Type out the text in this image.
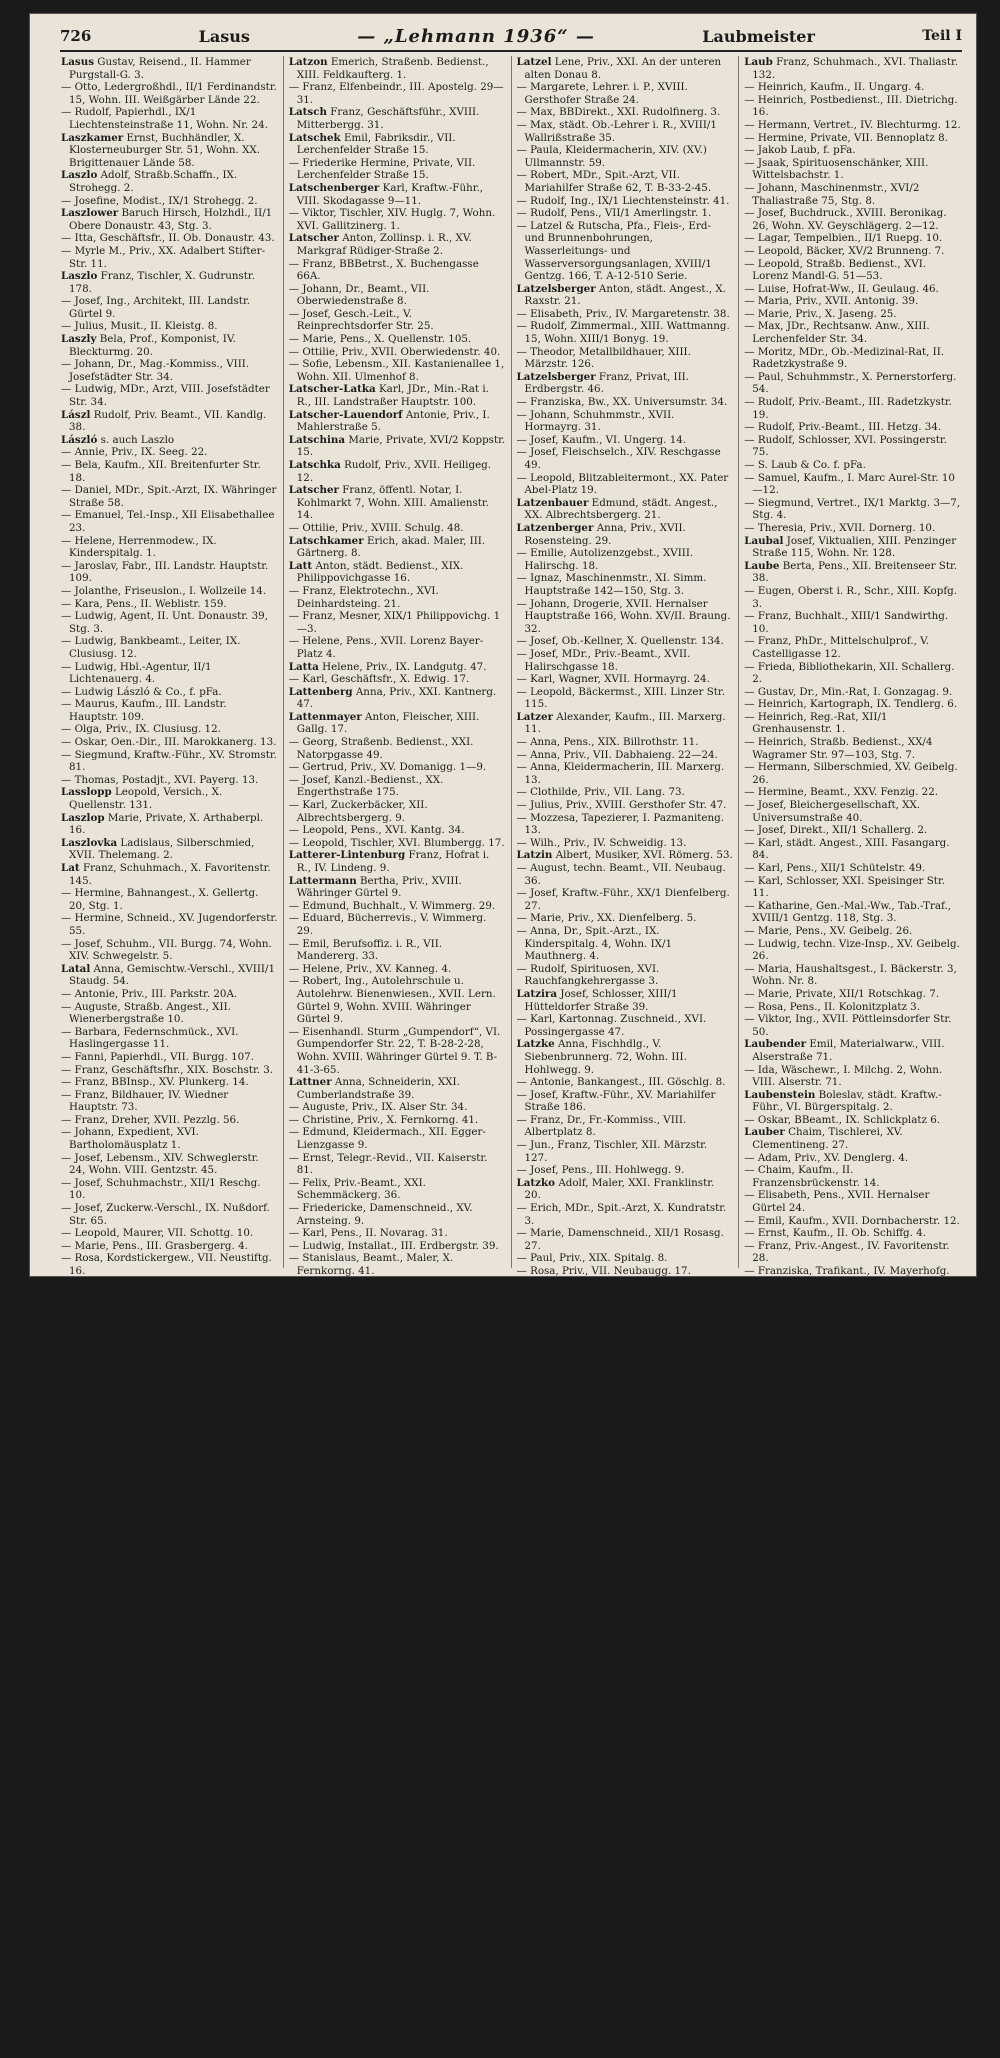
726	Lasus	— „Lehmann 1936“ —	Laubmeister	Teil I

Lasus Gustav, Reisend., II. Hammer Purgstall-G. 3.

— Otto, Ledergroßhdl., II/1 Ferdinandstr. 15, Wohn. III. Weißgärber Lände 22.

— Rudolf, Papierhdl., IX/1 Liechtensteinstraße 11, Wohn. Nr. 24.

Laszkamer Ernst, Buchhändler, X. Klosterneuburger Str. 51, Wohn. XX. Brigittenauer Lände 58.

Laszlo Adolf, Straßb.Schaffn., IX. Strohegg. 2.

— Josefine, Modist., IX/1 Strohegg. 2.

Laszlower Baruch Hirsch, Holzhdl., II/1 Obere Donaustr. 43, Stg. 3.

— Itta, Geschäftsfr., II. Ob. Donaustr. 43.

— Myrle M., Priv., XX. Adalbert Stifter-Str. 11.

Laszlo Franz, Tischler, X. Gudrunstr. 178.

— Josef, Ing., Architekt, III. Landstr. Gürtel 9.

— Julius, Musit., II. Kleistg. 8.

Laszly Bela, Prof., Komponist, IV. Bleckturmg. 20.

— Johann, Dr., Mag.-Kommiss., VIII. Josefstädter Str. 34.

— Ludwig, MDr., Arzt, VIII. Josefstädter Str. 34.

Lászl Rudolf, Priv. Beamt., VII. Kandlg. 38.

László s. auch Laszlo

— Annie, Priv., IX. Seeg. 22.

— Bela, Kaufm., XII. Breitenfurter Str. 18.

— Daniel, MDr., Spit.-Arzt, IX. Währinger Straße 58.

— Emanuel, Tel.-Insp., XII Elisabethallee 23.

— Helene, Herrenmodew., IX. Kinderspitalg. 1.

— Jaroslav, Fabr., III. Landstr. Hauptstr. 109.

— Jolanthe, Friseuslon., I. Wollzeile 14.

— Kara, Pens., II. Weblistr. 159.

— Ludwig, Agent, II. Unt. Donaustr. 39, Stg. 3.

— Ludwig, Bankbeamt., Leiter, IX. Clusiusg. 12.

— Ludwig, Hbl.-Agentur, II/1 Lichtenauerg. 4.

— Ludwig László & Co., f. pFa.

— Maurus, Kaufm., III. Landstr. Hauptstr. 109.

— Olga, Priv., IX. Clusiusg. 12.

— Oskar, Oen.-Dir., III. Marokkanerg. 13.

— Siegmund, Kraftw.-Führ., XV. Stromstr. 81.

— Thomas, Postadjt., XVI. Payerg. 13.

Lasslopp Leopold, Versich., X. Quellenstr. 131.

Laszlop Marie, Private, X. Arthaberpl. 16.

Laszlovka Ladislaus, Silberschmied, XVII. Thelemang. 2.

Lat Franz, Schuhmach., X. Favoritenstr. 145.

— Hermine, Bahnangest., X. Gellertg. 20, Stg. 1.

— Hermine, Schneid., XV. Jugendorferstr. 55.

— Josef, Schuhm., VII. Burgg. 74, Wohn. XIV. Schwegelstr. 5.

Latal Anna, Gemischtw.-Verschl., XVIII/1 Staudg. 54.

— Antonie, Priv., III. Parkstr. 20A.

— Auguste, Straßb. Angest., XII. Wienerbergstraße 10.

— Barbara, Federnschmück., XVI. Haslingergasse 11.

— Fanni, Papierhdl., VII. Burgg. 107.

— Franz, Geschäftsfhr., XIX. Boschstr. 3.

— Franz, BBInsp., XV. Plunkerg. 14.

— Franz, Bildhauer, IV. Wiedner Hauptstr. 73.

— Franz, Dreher, XVII. Pezzlg. 56.

— Johann, Expedient, XVI. Bartholomäusplatz 1.

— Josef, Lebensm., XIV. Schweglerstr. 24, Wohn. VIII. Gentzstr. 45.

— Josef, Schuhmachstr., XII/1 Reschg. 10.

— Josef, Zuckerw.-Verschl., IX. Nußdorf. Str. 65.

— Leopold, Maurer, VII. Schottg. 10.

— Marie, Pens., III. Grasbergerg. 4.

— Rosa, Kordstickergew., VII. Neustiftg. 16.

— Rudolf, Sänger, XXI/1 Hettenkoferg. 21.

— Stefanie, Schneid., XVII. Kotschg. 30.

Latamer Efe, Schneiderin, II/1 Ob. Donaustraße 85, Wohn. II. Hollandstr. 11.

— Franz, Uhrm., IX/1 Porzellang. 11.

— Josef, Anstr., II. Vereinsg. 13.

Later Amalia, Oshdl., XVI. Pfenninggeldg. 2.

— Johann, Asphalt., XVI. Thaliastraße 1—7, Stiege 3.

— Nikolaus, Automechanik., XVI. Odoakerg. 21.

Latera Anton, Magaz., XVII. Ratterg. 18.

— Bernhard, Priv., XVII. Kaing. 17.

— Christine, Spitalsbedienst., XIV. Arnsteingasse 16B.

— Franz, Straßb. Bedienst., XVI. Odoakerg. 9.

— Vinzenzia, Private, XVI/1 Rauteng. 28.

Latka Alois, Bäck., XIV. Gelerg. 10.

— Eduard, BBeamt., I. X. Margaretengürtel 120.

— Emil, Pens., XXI. Rautenkranzg. 33.

— Karl, Schuhm., XVI. Thaliastr. 58.

— Leo, Mil.-Ob.-Verpflegsoberw. a. D., IX. Schlickplatz 6.

Latinovics Laurenz, Heizer, III. Erdbergstr. 48.

Latinovics von Borsod Olga, Priv., III. Hintzerstr. 1.

Latka Anna, Private, VII. Neustiftg. 108.

— Karl, Dr., Min.-Rat i. R., XVIII/1 Gentzgasse 40—42.

— Richard, Kellner, II. Ob. Augartenstr. 6.

Latkoczy Bela, BBeamt., II. Bellegardeg. 11.

— Jos., Priv., X. Alxingerstr. 51.

— Josefine, Priv., II. Obermüllnerstr. 11.

Latkin Benno, Kaufm., III. Beatrixg. 6.

Latner Julius, Kaufm., XIII. Sandrockg. 17.

Latschka Dominik, Holzhdl., XII. Rotenmühlg. 5.

— Leopoldine, Kohlen., XVI. Römerg. 76, Wohn. Nr. 69.

— Paul, Anstaltat., II/1 Böhbftr. 10, Wohn. II. Wolfgang Schmälzl-G. 2.

Latr Anton, Stückmstr., XX. Othmarg. 40.

— Johann, Schneider, XX. Hannoverg. 10.

Latzon Emerich, Straßenb. Bedienst., XIII. Feldkaufterg. 1.

— Franz, Elfenbeindr., III. Apostelg. 29—31.

Latsch Franz, Geschäftsführ., XVIII. Mitterbergg. 31.

Latschek Emil, Fabriksdir., VII. Lerchenfelder Straße 15.

— Friederike Hermine, Private, VII. Lerchenfelder Straße 15.

Latschenberger Karl, Kraftw.-Führ., VIII. Skodagasse 9—11.

— Viktor, Tischler, XIV. Huglg. 7, Wohn. XVI. Gallitzinerg. 1.

Latscher Anton, Zollinsp. i. R., XV. Markgraf Rüdiger-Straße 2.

— Franz, BBBetrst., X. Buchengasse 66A.

— Johann, Dr., Beamt., VII. Oberwiedenstraße 8.

— Josef, Gesch.-Leit., V. Reinprechtsdorfer Str. 25.

— Marie, Pens., X. Quellenstr. 105.

— Ottilie, Priv., XVII. Oberwiedenstr. 40.

— Sofie, Lebensm., XII. Kastanienallee 1, Wohn. XII. Ulmenhof 8.

Latscher-Latka Karl, JDr., Min.-Rat i. R., III. Landstraßer Hauptstr. 100.

Latscher-Lauendorf Antonie, Priv., I. Mahlerstraße 5.

Latschina Marie, Private, XVI/2 Koppstr. 15.

Latschka Rudolf, Priv., XVII. Heiligeg. 12.

Latscher Franz, öffentl. Notar, I. Kohlmarkt 7, Wohn. XIII. Amalienstr. 14.

— Ottilie, Priv., XVIII. Schulg. 48.

Latschkamer Erich, akad. Maler, III. Gärtnerg. 8.

Latt Anton, städt. Bedienst., XIX. Philippovichgasse 16.

— Franz, Elektrotechn., XVI. Deinhardsteing. 21.

— Franz, Mesner, XIX/1 Philippovichg. 1—3.

— Helene, Pens., XVII. Lorenz Bayer-Platz 4.

Latta Helene, Priv., IX. Landgutg. 47.

— Karl, Geschäftsfr., X. Edwig. 17.

Lattenberg Anna, Priv., XXI. Kantnerg. 47.

Lattenmayer Anton, Fleischer, XIII. Gallg. 17.

— Georg, Straßenb. Bedienst., XXI. Natorpgasse 49.

— Gertrud, Priv., XV. Domanigg. 1—9.

— Josef, Kanzl.-Bedienst., XX. Engerthstraße 175.

— Karl, Zuckerbäcker, XII. Albrechtsbergerg. 9.

— Leopold, Pens., XVI. Kantg. 34.

— Leopold, Tischler, XVI. Blumbergg. 17.

Latterer-Lintenburg Franz, Hofrat i. R., IV. Lindeng. 9.

Lattermann Bertha, Priv., XVIII. Währinger Gürtel 9.

— Edmund, Buchhalt., V. Wimmerg. 29.

— Eduard, Bücherrevis., V. Wimmerg. 29.

— Emil, Berufsoffiz. i. R., VII. Mandererg. 33.

— Helene, Priv., XV. Kanneg. 4.

— Robert, Ing., Autolehrschule u. Autolehrw. Bienenwiesen., XVII. Lern. Gürtel 9, Wohn. XVIII. Währinger Gürtel 9.

— Eisenhandl. Sturm „Gumpendorf“, VI. Gumpendorfer Str. 22, T. B-28-2-28, Wohn. XVIII. Währinger Gürtel 9. T. B-41-3-65.

Lattner Anna, Schneiderin, XXI. Cumberlandstraße 39.

— Auguste, Priv., IX. Alser Str. 34.

— Christine, Priv., X. Fernkorng. 41.

— Edmund, Kleidermach., XII. Egger-Lienzgasse 9.

— Ernst, Telegr.-Revid., VII. Kaiserstr. 81.

— Felix, Priv.-Beamt., XXI. Schemmäckerg. 36.

— Friedericke, Damenschneid., XV. Arnsteing. 9.

— Karl, Pens., II. Novarag. 31.

— Ludwig, Installat., III. Erdbergstr. 39.

— Stanislaus, Beamt., Maler, X. Fernkorng. 41.

— Wenzel, Nachtwächt., VII. Kaiserstr. 87.

Lattuada Anton, Metalldruck., XVII. Bujattigasse 2.

Lattus Josef, Zahltelln., XV. Haidmannsg. 7.

Latty Elisabeth, Priv., IX. Schönbornstr. 6.

— Olga, Priv., VI. Webg. 6.

Latus Anna, Trafikant, III. Hörnesg. 20.

— Anna, Pens., XII. Eisarbeitsgasse 16.

— Emilie, Trafikantin, VII. Burgg. 126, Wohn. XVI Sauraug. 10.

— Franz, Pens., XXI. Sebastian Kneipp-Gasse 5.

— Hans, Berufsoffiz., XII. Rüdigerg. 1.

Latuschka Franz, Schlosser, XVII. Rosensteing. 90.

— Marie, Priv., VI. Nostrellg. 5.

— Wilhelm, Pens., XVI. Blumeng. 19.

Latutsek Josef, Hutmach., X. Laudongg. 25.

— Josefine, Priv., II. Leopoldsg. 3.

Latwitz Marie, städt. Krankenpfleg., II. Rotensterng. 25.

Latzen Katharine, Garderobier., II/1 Freilagergasse 3.

Latzel Karl, Priv., XIII. Lenzerstr. 3.

— Ottokar, Uhrmacher, XXI. Brigittenauer Lände 58.

Latzel Adolfine, Priv., XX. Brigittenauer Lände 58.

— Eduard, Sprachlehr., III. Ungarg. 29.

— Emil, Schlossermstr., XVI/2 Habelstr. 15.

— Ernst, Ob.-Leutn. i. R., IV. Florag. 7.

— Franz, BBahnbeamt., XXI. Brendlg. 12.

— Fritz, Priv.-Beamt., IV. Prinz Eugen-Str. 58.

— Gustav, Uhrmacher, XVI/2 Hubnerstr. 38.

— Gustav, Ob.-Revid., IX. Kinderspitalg. 8.

— Hermine, Private, II. Reichsbrückenstr. 11.

— Johann, Arch., Ob.-Stadtrat, XXI. Konrad Kraft-G. 19.

— Josef, Kleinfuhrwerker, XVII. Hernalser Hauptstr. 101.

— Josef, Postoff.-Sektr., XXI. Strecherg. 5.

— Josef, Tischler, XVII. Hernalser Hauptstraße 110.

— Karl, Ob.-Offiz. i. R., XVIII. Alt Karl-G. 4.

— Katharine, Pens., X. Columbusg. 86.

— Konrad, Major a. D., XIV. Reihig. 28.

Latzel Lene, Priv., XXI. An der unteren alten Donau 8.

— Margarete, Lehrer. i. P., XVIII. Gersthofer Straße 24.

— Max, BBDirekt., XXI. Rudolfinerg. 3.

— Max, städt. Ob.-Lehrer i. R., XVIII/1 Wallrißstraße 35.

— Paula, Kleidermacherin, XIV. (XV.) Ullmannstr. 59.

— Robert, MDr., Spit.-Arzt, VII. Mariahilfer Straße 62, T. B-33-2-45.

— Rudolf, Ing., IX/1 Liechtensteinstr. 41.

— Rudolf, Pens., VII/1 Amerlingstr. 1.

— Latzel & Rutscha, Pfa., Fleis-, Erd- und Brunnenbohrungen, Wasserleitungs- und Wasserversorgungsanlagen, XVIII/1 Gentzg. 166, T. A-12-510 Serie.

Latzelsberger Anton, städt. Angest., X. Raxstr. 21.

— Elisabeth, Priv., IV. Margaretenstr. 38.

— Rudolf, Zimmermal., XIII. Wattmanng. 15, Wohn. XIII/1 Bonyg. 19.

— Theodor, Metallbildhauer, XIII. Märzstr. 126.

Latzelsberger Franz, Privat, III. Erdbergstr. 46.

— Franziska, Bw., XX. Universumstr. 34.

— Johann, Schuhmmstr., XVII. Hormayrg. 31.

— Josef, Kaufm., VI. Ungerg. 14.

— Josef, Fleischselch., XIV. Reschgasse 49.

— Leopold, Blitzableitermont., XX. Pater Abel-Platz 19.

Latzenbauer Edmund, städt. Angest., XX. Albrechtsbergerg. 21.

Latzenberger Anna, Priv., XVII. Rosensteing. 29.

— Emilie, Autolizenzgebst., XVIII. Halirschg. 18.

— Ignaz, Maschinenmstr., XI. Simm. Hauptstraße 142—150, Stg. 3.

— Johann, Drogerie, XVII. Hernalser Hauptstraße 166, Wohn. XV/II. Braung. 32.

— Josef, Ob.-Kellner, X. Quellenstr. 134.

— Josef, MDr., Priv.-Beamt., XVII. Halirschgasse 18.

— Karl, Wagner, XVII. Hormayrg. 24.

— Leopold, Bäckermst., XIII. Linzer Str. 115.

Latzer Alexander, Kaufm., III. Marxerg. 11.

— Anna, Pens., XIX. Billrothstr. 11.

— Anna, Priv., VII. Dabhaieng. 22—24.

— Anna, Kleidermacherin, III. Marxerg. 13.

— Clothilde, Priv., VII. Lang. 73.

— Julius, Priv., XVIII. Gersthofer Str. 47.

— Mozzesa, Tapezierer, I. Pazmaniteng. 13.

— Wilh., Priv., IV. Schweidig. 13.

Latzin Albert, Musiker, XVI. Römerg. 53.

— August, techn. Beamt., VII. Neubaug. 36.

— Josef, Kraftw.-Führ., XX/1 Dienfelberg. 27.

— Marie, Priv., XX. Dienfelberg. 5.

— Anna, Dr., Spit.-Arzt., IX. Kinderspitalg. 4, Wohn. IX/1 Mauthnerg. 4.

— Rudolf, Spirituosen, XVI. Rauchfangkehrergasse 3.

Latzira Josef, Schlosser, XIII/1 Hütteldorfer Straße 39.

— Karl, Kartonnag. Zuschneid., XVI. Possingergasse 47.

Latzke Anna, Fischhdlg., V. Siebenbrunnerg. 72, Wohn. III. Hohlwegg. 9.

— Antonie, Bankangest., III. Göschlg. 8.

— Josef, Kraftw.-Führ., XV. Mariahilfer Straße 186.

— Franz, Dr., Fr.-Kommiss., VIII. Albertplatz 8.

— Jun., Franz, Tischler, XII. Märzstr. 127.

— Josef, Pens., III. Hohlwegg. 9.

Latzko Adolf, Maler, XXI. Franklinstr. 20.

— Erich, MDr., Spit.-Arzt, X. Kundratstr. 3.

— Marie, Damenschneid., XII/1 Rosasg. 27.

— Paul, Priv., XIX. Spitalg. 8.

— Rosa, Priv., VII. Neubaugg. 17.

— Rudolf, MDr., Priv.-Dozt., XIII. Weinsteig. 19.

— Walther, Dr., Staatsarchivar, VII. Kirchberg. 7.

Latzko Eleonore, Private, I. Freyung 6, Stg. 12.

— Erich, MDr., Spit.-Arzt, IX. Spitalg. 23.

— Grete, Priv., VIII. Josefstädter Str. 21.

— Juliane, Schauspieler., I. Annag. 4, Wohn. III. Ungarg. 59—61.

— Käthe, Priv. Kinderspielturse, IX. Liechtensteinstr. 37, Wohn. IX. Hörlg. 11.

— Wilhelm, Dr., Chemik., IX/1 Glaserg. 4.

— Wilhelm, JDr., a. o. Univ.-Prof., Prim., VIII. Lange G. 48 (3—48).

Latzl Hans, Post-Ob.-Insp., V. Högelmüllerg. 2B.

— Hermann, wirkl. Amtsrat, XIII. Hofwiesengasse 38.

— Marie, Priv., X. Siccardsburgg. 60.

Latzlsberger Ludwig, Schnittmach., X. Friesenplatz 1—2, Stg. 9.

— Olga, Mittelschulprof., XVIII. Dürwaringstraße 7.

— Robert, Priv.-Beamt., V. Gasserg. 9.

Lauaj Karl, Privat, IV. Wohlebeng. 1.

Laub Adalbert, Beamt., IV. Neug. 38.

— Adolf, Pens., VII. Pfeilg. 32.

— Alexander, Fabr.-Dir., VI. Lindeng. 27.

— Alice, Gesch.-Teilh., IX. Schönburgstr. 14.

— Anna, Priv., VIII. Strozzig. 28.

— Anna, Priv.-Beamt., VI. Wallg. 14.

— Anton, Stückmstr., VI. Aegidig. 3.

— Barbara, Private, VII. Wimbergerg. 10.

— Bernhard, Priv.-Beamt., VI. Mollardg. 5.

— Berthold, JDr., Rechtsanwalt, I. Freyung 7, Wohn. IV. Schönburgstr. 25.

— Chaim, Kaufm., II. Ob. Gerlg. 39A.

— Edmund, Maschinschreiber, XVIII/1 Gentzg. 6.

— Emma, Herrenschneid., XVIII/1 Gentzg. 6.

— Eugen, Bankbeamt., IV. Rolschig. 6.

— Ferdinand, Müller, II. Reichsbrückenstr. 6.

— Friedrich, Dr. Zahntechniker, I. Schwedenplatz 2.

— Franz, Schlosser, VII. Laudong. 41.

Laub Franz, Schuhmach., XVI. Thaliastr. 132.

— Heinrich, Kaufm., II. Ungarg. 4.

— Heinrich, Postbedienst., III. Dietrichg. 16.

— Hermann, Vertret., IV. Blechturmg. 12.

— Hermine, Private, VII. Bennoplatz 8.

— Jakob Laub, f. pFa.

— Jsaak, Spirituosenschänker, XIII. Wittelsbachstr. 1.

— Johann, Maschinenmstr., XVI/2 Thaliastraße 75, Stg. 8.

— Josef, Buchdruck., XVIII. Beronikag. 26, Wohn. XV. Geyschlägerg. 2—12.

— Lagar, Tempelbien., II/1 Ruepg. 10.

— Leopold, Bäcker, XV/2 Brunneng. 7.

— Leopold, Straßb. Bedienst., XVI. Lorenz Mandl-G. 51—53.

— Luise, Hofrat-Ww., II. Geulaug. 46.

— Maria, Priv., XVII. Antonig. 39.

— Marie, Priv., X. Jaseng. 25.

— Max, JDr., Rechtsanw. Anw., XIII. Lerchenfelder Str. 34.

— Moritz, MDr., Ob.-Medizinal-Rat, II. Radetzkystraße 9.

— Paul, Schuhmmstr., X. Pernerstorferg. 54.

— Rudolf, Priv.-Beamt., III. Radetzkystr. 19.

— Rudolf, Priv.-Beamt., III. Hetzg. 34.

— Rudolf, Schlosser, XVI. Possingerstr. 75.

— S. Laub & Co. f. pFa.

— Samuel, Kaufm., I. Marc Aurel-Str. 10—12.

— Siegmund, Vertret., IX/1 Marktg. 3—7, Stg. 4.

— Theresia, Priv., XVII. Dornerg. 10.

Laubal Josef, Viktualien, XIII. Penzinger Straße 115, Wohn. Nr. 128.

Laube Berta, Pens., XII. Breitenseer Str. 38.

— Eugen, Oberst i. R., Schr., XIII. Kopfg. 3.

— Franz, Buchhalt., XIII/1 Sandwirthg. 10.

— Franz, PhDr., Mittelschulprof., V. Castelligasse 12.

— Frieda, Bibliothekarin, XII. Schallerg. 2.

— Gustav, Dr., Min.-Rat, I. Gonzagag. 9.

— Heinrich, Kartograph, IX. Tendlerg. 6.

— Heinrich, Reg.-Rat, XII/1 Grenhausenstr. 1.

— Heinrich, Straßb. Bedienst., XX/4 Wagramer Str. 97—103, Stg. 7.

— Hermann, Silberschmied, XV. Geibelg. 26.

— Hermine, Beamt., XXV. Fenzig. 22.

— Josef, Bleichergesellschaft, XX. Universumstraße 40.

— Josef, Direkt., XII/1 Schallerg. 2.

— Karl, städt. Angest., XIII. Fasangarg. 84.

— Karl, Pens., XII/1 Schütelstr. 49.

— Karl, Schlosser, XXI. Speisinger Str. 11.

— Katharine, Gen.-Mal.-Ww., Tab.-Traf., XVIII/1 Gentzg. 118, Stg. 3.

— Marie, Pens., XV. Geibelg. 26.

— Ludwig, techn. Vize-Insp., XV. Geibelg. 26.

— Maria, Haushaltsgest., I. Bäckerstr. 3, Wohn. Nr. 8.

— Marie, Private, XII/1 Rotschkag. 7.

— Rosa, Pens., II. Kolonitzplatz 3.

— Viktor, Ing., XVII. Pöttleinsdorfer Str. 50.

Laubender Emil, Materialwarw., VIII. Alserstraße 71.

— Ida, Wäschewr., I. Milchg. 2, Wohn. VIII. Alserstr. 71.

Laubenstein Boleslav, städt. Kraftw.-Führ., VI. Bürgerspitalg. 2.

— Oskar, BBeamt., IX. Schlickplatz 6.

Lauber Chaim, Tischlerei, XV. Clementineng. 27.

— Adam, Priv., XV. Denglerg. 4.

— Chaim, Kaufm., II. Franzensbrückenstr. 14.

— Elisabeth, Pens., XVII. Hernalser Gürtel 24.

— Emil, Kaufm., XVII. Dornbacherstr. 12.

— Ernst, Kaufm., II. Ob. Schiffg. 4.

— Franz, Priv.-Angest., IV. Favoritenstr. 28.

— Franziska, Trafikant., IV. Mayerhofg. 1.

— Frieda, Priv., XV. Denglerg. 4.

— Maria, Priv., II. Franzensbrückenstr. 6.

— Marie, Gutterwintel, XIII. Linzer Str. 426.

— Marie, Kleinhdl., XIII. Linzer Str. 426.

— Marie, Kolonialw., XIII. Linzer Str. 426.

— Marie, Priv., XIX/1 Hugog. 16.

— Meier, Schneider, XX. Treustr. 5.

— Samuel, Kaufm., II. Ob. Gerlg. 31, Stg. 4.

— Wenzel, Straßenb.-Schaffn., XX. Kolpingstraße 19.

— Wilhelm, Kaufm., II. Floßg. 9.

Lauberer Anton, Angest., VIII. Josefstädter Straße 16.

Lauberger Albert, Schuhmstr., II. Ob. Donaustraße 15, Wohn. XVII. Pezzlg. 54.

— Anna, Pol.-Beamt.-Ww., XVIII. Anastasius Grün-G. 9.

— Anton, Prof., X. Zur Spinnerin 37.

— Ernst, Schlosser, VIII. Lerchenfelder Str. 73.

— Rudolf, Priv., Schottenfeldg. 94.

— Franz, Straßb. Schaffn., VII. Neustiftg. 79.

— Oskar, Dr., X. Trostftr. 108—110.

— Rudolf, Bankbeamt., XVIII. Anastasius Grün-G. 9.

— Lauberger & Gloß f. pFa.

Laubhan Johanna, Priv., XII. Breitenfurter Str. 99.

— Leopold, Briefträger, XIII/1 Wattmanng. 12.

Laubhann Ignaz, Straßb. Schaffn., X. Gudrunstraße 5.

Laubheimer Amalie, Priv., VII. Enzingerg. 2.

— Anna, Hausbesitz., XII. Schallerg. 29.

— August, Hilfsarbeiter, II/1 Radingerstr. 9.

— Johann, Friseur, III. Apostelg. 22.

— Karl, Priv., VII. Bürgerspitalg. 3.

— Leopoldine, Pfleierin, XVIII. Weinhausergasse 7.

— Marie, Private, XVIII/1 Kutschkerg. 22.

Laubie Franz, Bahnbedienst., XIII/1 Zelebrerg. 13.

Laubichler Jakob, Priv., XVIII/1 Hochg. 1.

— Josef, Bäcker, X. Tyrnauer G. 6.

— Josef, Kremnach., X. Quellenstr. 79—83.

Laubmaier Johann, Priv., X. Quellenstr. 169.

Laubmayer Julius, Sportlehr., XV. Rustenschackg. 7.

Laubmeister Erwin, Ledergalanteriearb., VI. Amerlingstr. 1.
